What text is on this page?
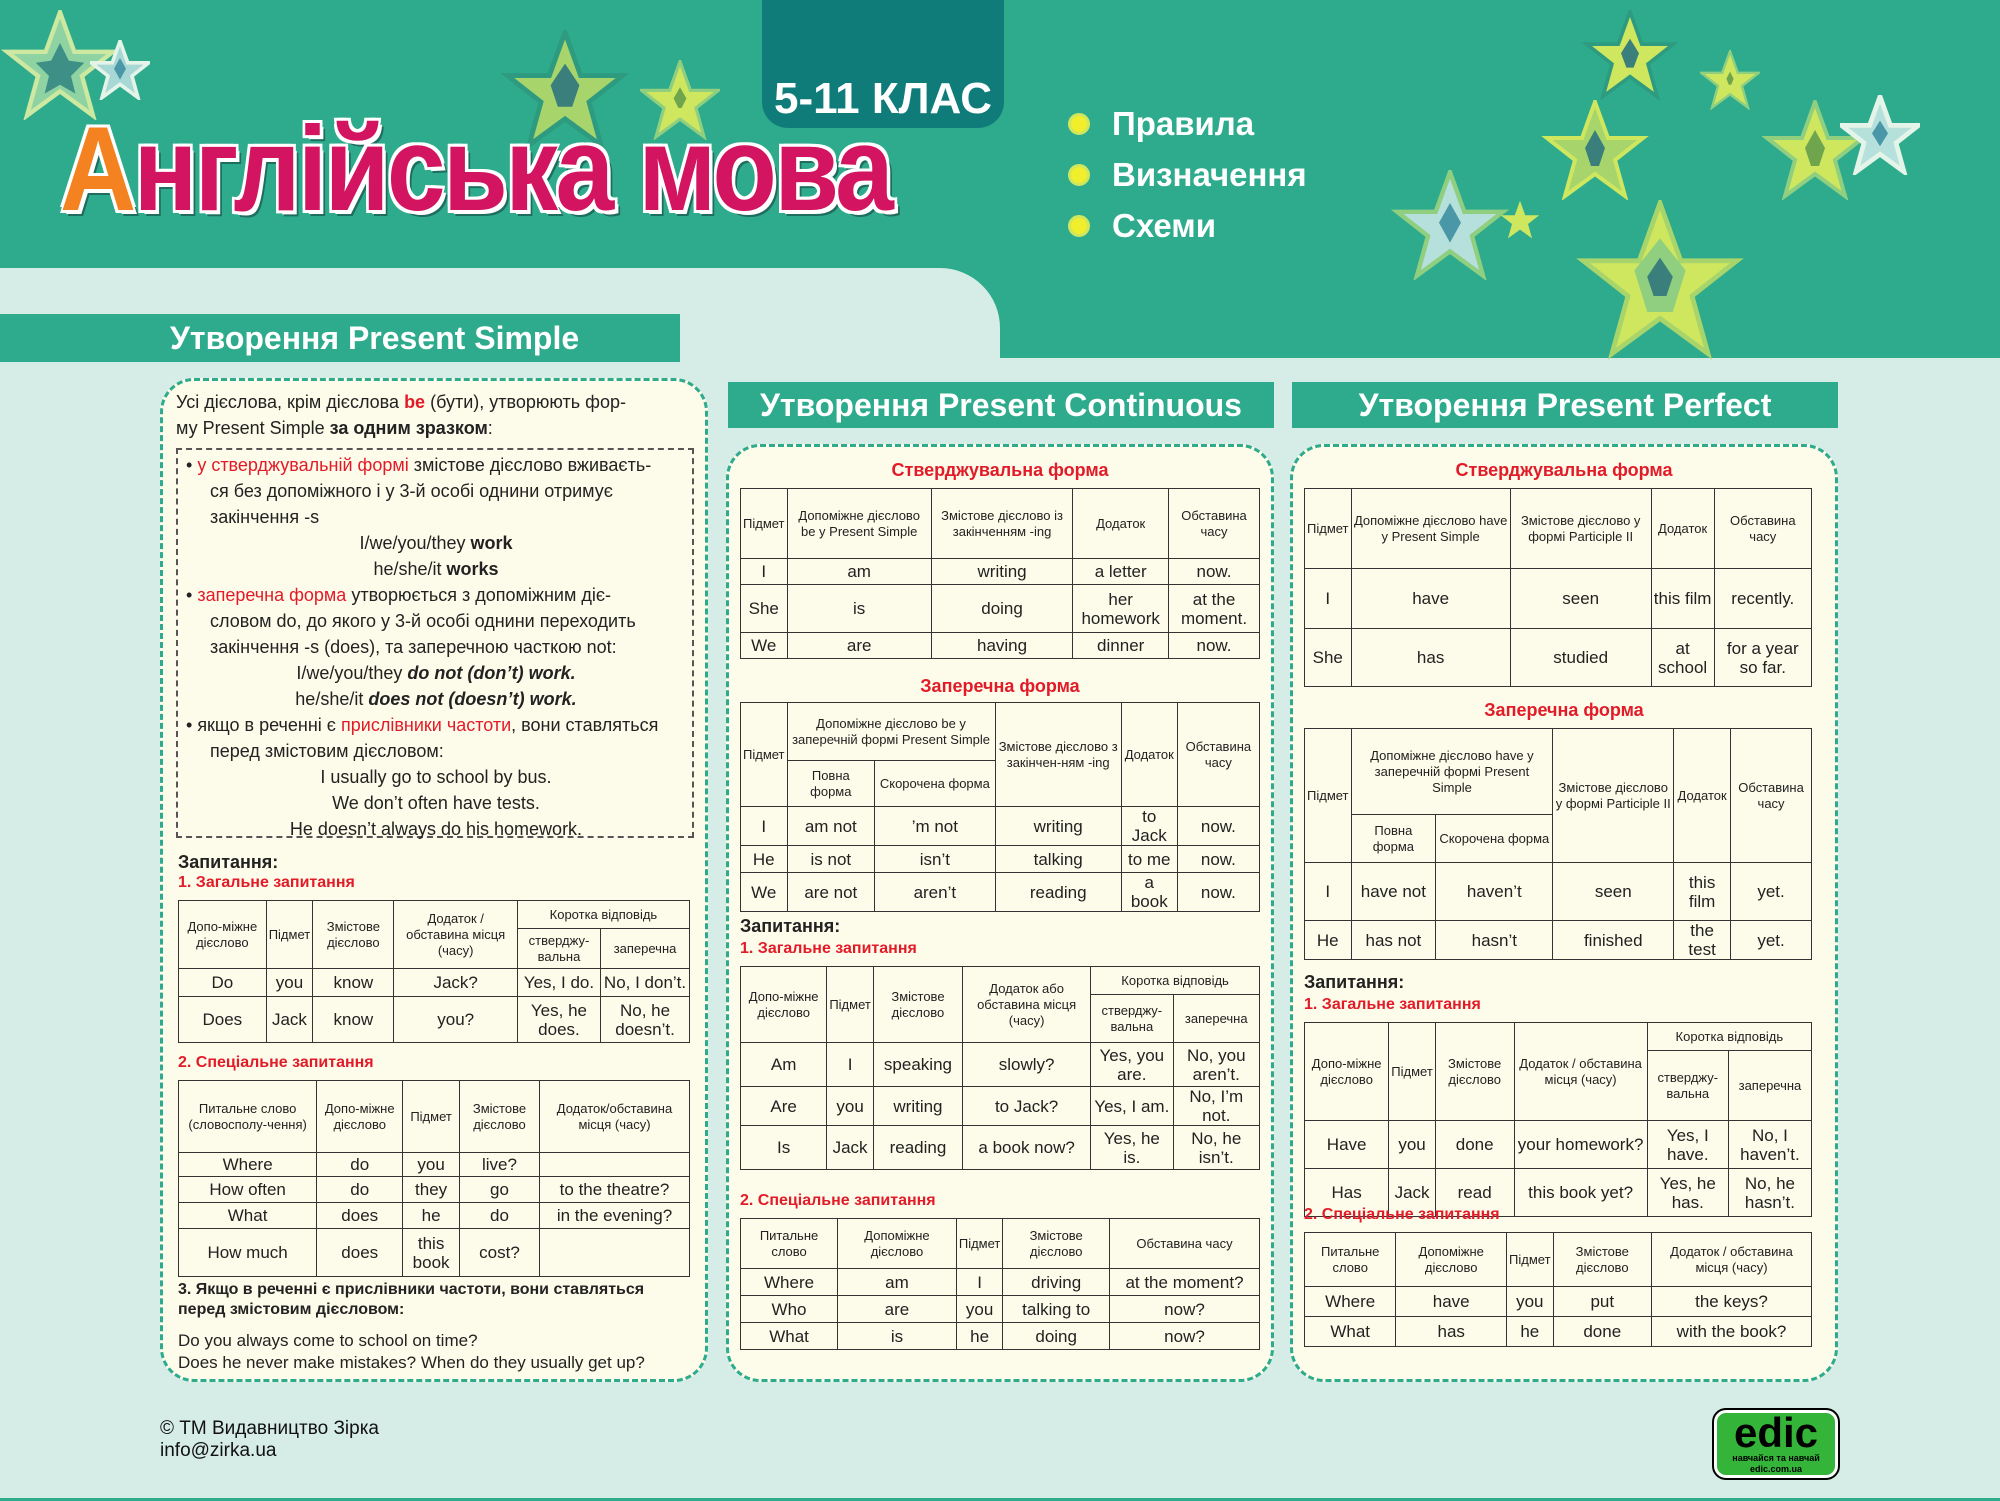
5-11 КЛАС
Англійська мова	Правила
Визначення
Схеми
Утворення Present Simple
Усі дієслова, крім дієслова be (бути), утворюють фор-
му Present Simple за одним зразком:
• у стверджувальній формі змістове дієслово вживаєть-
ся без допоміжного і у 3-й особі однини отримує
закінчення -s
I/we/you/they work
he/she/it works
• заперечна форма утворюється з допоміжним діє-
словом do, до якого у 3-й особі однини переходить
закінчення -s (does), та заперечною часткою not:
I/we/you/they do not (don’t) work.
he/she/it does not (doesn’t) work.
• якщо в реченні є прислівники частоти, вони ставляться
перед змістовим дієсловом:
I usually go to school by bus.
We don’t often have tests.
He doesn’t always do his homework.
Запитання:
1. Загальне запитання
Допо-міжне дієслово	Підмет	Змістове дієслово	Додаток / обставина місця (часу)	Коротка відповідь	
				стверджу-вальна	заперечна
Do	you	know	Jack?	Yes, I do.	No, I don’t.
Does	Jack	know	you?	Yes, he does.	No, he doesn’t.
2. Спеціальне запитання
Питальне слово (словосполу-чення)	Допо-міжне дієслово	Підмет	Змістове дієслово	Додаток/обставина місця (часу)
Where	do	you	live?	
How often	do	they	go	to the theatre?
What	does	he	do	in the evening?
How much	does	this book	cost?	
3. Якщо в реченні є прислівники частоти, вони ставляться перед змістовим дієсловом:
Do you always come to school on time?
Does he never make mistakes? When do they usually get up?
Утворення Present Continuous
Стверджувальна форма
Підмет	Допоміжне дієслово be у Present Simple	Змістове дієслово із закінченням -ing	Додаток	Обставина часу
I	am	writing	a letter	now.
She	is	doing	her homework	at the moment.
We	are	having	dinner	now.
Заперечна форма
Підмет	Допоміжне дієслово be у заперечній формі Present Simple		Змістове дієслово з закінчен-ням -ing	Додаток	Обставина часу
	Повна форма	Скорочена форма			
I	am not	’m not	writing	to Jack	now.
He	is not	isn’t	talking	to me	now.
We	are not	aren’t	reading	a book	now.
Запитання:
1. Загальне запитання
Допо-міжне дієслово	Підмет	Змістове дієслово	Додаток або обставина місця (часу)	Коротка відповідь	
				стверджу-вальна	заперечна
Am	I	speaking	slowly?	Yes, you are.	No, you aren’t.
Are	you	writing	to Jack?	Yes, I am.	No, I’m not.
Is	Jack	reading	a book now?	Yes, he is.	No, he isn’t.
2. Спеціальне запитання
Питальне слово	Допоміжне дієслово	Підмет	Змістове дієслово	Обставина часу
Where	am	I	driving	at the moment?
Who	are	you	talking to	now?
What	is	he	doing	now?
Утворення Present Perfect
Стверджувальна форма
Підмет	Допоміжне дієслово have у Present Simple	Змістове дієслово у формі Participle II	Додаток	Обставина часу
I	have	seen	this film	recently.
She	has	studied	at school	for a year so far.
Заперечна форма
Підмет	Допоміжне дієслово have у заперечній формі Present Simple		Змістове дієслово у формі Participle II	Додаток	Обставина часу
	Повна форма	Скорочена форма			
I	have not	haven’t	seen	this film	yet.
He	has not	hasn’t	finished	the test	yet.
Запитання:
1. Загальне запитання
Допо-міжне дієслово	Підмет	Змістове дієслово	Додаток / обставина місця (часу)	Коротка відповідь	
				стверджу-вальна	заперечна
Have	you	done	your homework?	Yes, I have.	No, I haven’t.
Has	Jack	read	this book yet?	Yes, he has.	No, he hasn’t.
2. Спеціальне запитання
Питальне слово	Допоміжне дієслово	Підмет	Змістове дієслово	Додаток / обставина місця (часу)
Where	have	you	put	the keys?
What	has	he	done	with the book?
© ТМ Видавництво Зірка
info@zirka.ua	edic
навчайся та навчай
edic.com.ua
